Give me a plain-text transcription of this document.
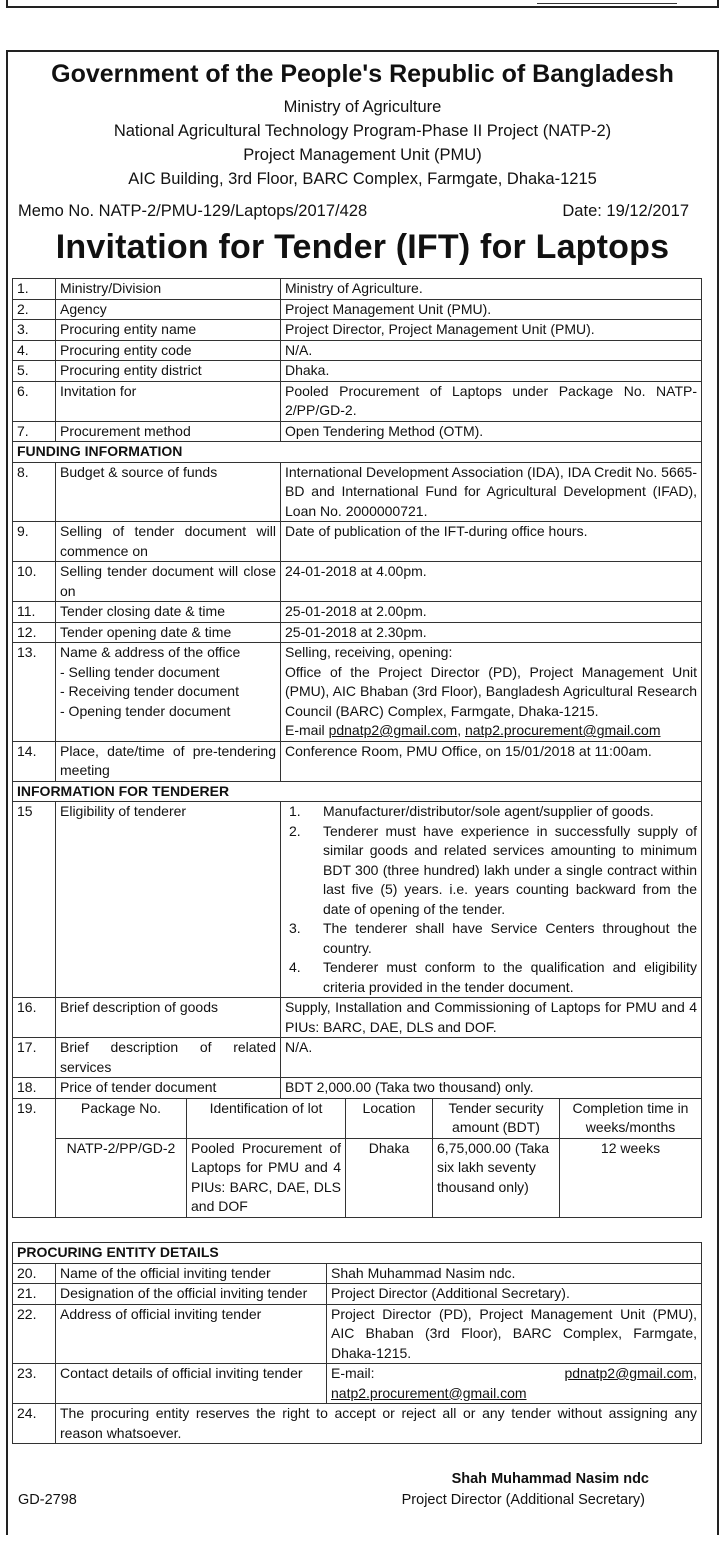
Government of the People's Republic of Bangladesh
Ministry of Agriculture
National Agricultural Technology Program-Phase II Project (NATP-2)
Project Management Unit (PMU)
AIC Building, 3rd Floor, BARC Complex, Farmgate, Dhaka-1215
Memo No. NATP-2/PMU-129/Laptops/2017/428	Date: 19/12/2017
Invitation for Tender (IFT) for Laptops
1.	Ministry/Division	Ministry of Agriculture.
2.	Agency	Project Management Unit (PMU).
3.	Procuring entity name	Project Director, Project Management Unit (PMU).
4.	Procuring entity code	N/A.
5.	Procuring entity district	Dhaka.
6.	Invitation for	Pooled Procurement of Laptops under Package No. NATP-2/PP/GD-2.
7.	Procurement method	Open Tendering Method (OTM).
FUNDING INFORMATION
8.	Budget & source of funds	International Development Association (IDA), IDA Credit No. 5665-BD and International Fund for Agricultural Development (IFAD), Loan No. 2000000721.
9.	Selling of tender document will commence on	Date of publication of the IFT-during office hours.
10.	Selling tender document will close on	24-01-2018 at 4.00pm.
11.	Tender closing date & time	25-01-2018 at 2.00pm.
12.	Tender opening date & time	25-01-2018 at 2.30pm.
13.	Name & address of the office
- Selling tender document
- Receiving tender document
- Opening tender document

Selling, receiving, opening:
Office of the Project Director (PD), Project Management Unit (PMU), AIC Bhaban (3rd Floor), Bangladesh Agricultural Research Council (BARC) Complex, Farmgate, Dhaka-1215.
E-mail pdnatp2@gmail.com, natp2.procurement@gmail.com

14.	Place, date/time of pre-tendering meeting	Conference Room, PMU Office, on 15/01/2018 at 11:00am.
INFORMATION FOR TENDERER
15	Eligibility of tenderer	1.	Manufacturer/distributor/sole agent/supplier of goods.
2.	Tenderer must have experience in successfully supply of similar goods and related services amounting to minimum BDT 300 (three hundred) lakh under a single contract within last five (5) years. i.e. years counting backward from the date of opening of the tender.
3.	The tenderer shall have Service Centers throughout the country.
4.	Tenderer must conform to the qualification and eligibility criteria provided in the tender document.

16.	Brief description of goods	Supply, Installation and Commissioning of Laptops for PMU and 4 PIUs: BARC, DAE, DLS and DOF.
17.	Brief description of related services	N/A.
18.	Price of tender document	BDT 2,000.00 (Taka two thousand) only.
19.		Package No.	Identification of lot	Location	Tender security amount (BDT)	Completion time in weeks/months
NATP-2/PP/GD-2	Pooled Procurement of Laptops for PMU and 4 PIUs: BARC, DAE, DLS and DOF	Dhaka	6,75,000.00 (Taka six lakh seventy thousand only)	12 weeks
PROCURING ENTITY DETAILS		
20.	Name of the official inviting tender	Shah Muhammad Nasim ndc.
21.	Designation of the official inviting tender	Project Director (Additional Secretary).
22.	Address of official inviting tender	Project Director (PD), Project Management Unit (PMU), AIC Bhaban (3rd Floor), BARC Complex, Farmgate, Dhaka-1215.
23.	Contact details of official inviting tender	E-mail: pdnatp2@gmail.com,
natp2.procurement@gmail.com

24.	The procuring entity reserves the right to accept or reject all or any tender without assigning any reason whatsoever.	
Shah Muhammad Nasim ndc
Project Director (Additional Secretary)
GD-2798
